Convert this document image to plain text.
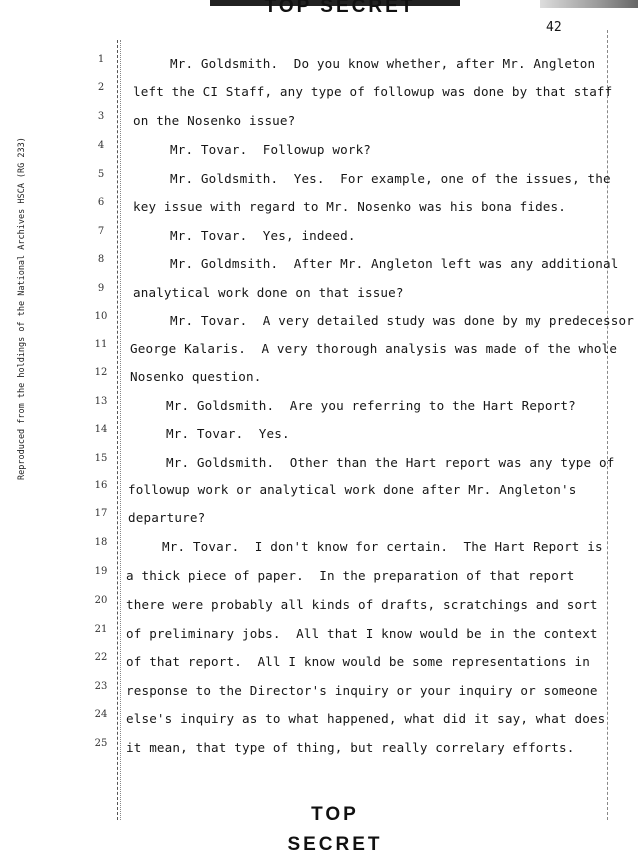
TOP SECRET
42
Reproduced from the holdings of the National Archives HSCA (RG 233)
1
2
3
4
5
6
7
8
9
10
11
12
13
14
15
16
17
18
19
20
21
22
23
24
25
Mr. Goldsmith.  Do you know whether, after Mr. Angleton
left the CI Staff, any type of followup was done by that staff
on the Nosenko issue?
Mr. Tovar.  Followup work?
Mr. Goldsmith.  Yes.  For example, one of the issues, the
key issue with regard to Mr. Nosenko was his bona fides.
Mr. Tovar.  Yes, indeed.
Mr. Goldmsith.  After Mr. Angleton left was any additional
analytical work done on that issue?
Mr. Tovar.  A very detailed study was done by my predecessor
George Kalaris.  A very thorough analysis was made of the whole
Nosenko question.
Mr. Goldsmith.  Are you referring to the Hart Report?
Mr. Tovar.  Yes.
Mr. Goldsmith.  Other than the Hart report was any type of
followup work or analytical work done after Mr. Angleton's
departure?
Mr. Tovar.  I don't know for certain.  The Hart Report is
a thick piece of paper.  In the preparation of that report
there were probably all kinds of drafts, scratchings and sort
of preliminary jobs.  All that I know would be in the context
of that report.  All I know would be some representations in
response to the Director's inquiry or your inquiry or someone
else's inquiry as to what happened, what did it say, what does
it mean, that type of thing, but really correlary efforts.
TOP SECRET
